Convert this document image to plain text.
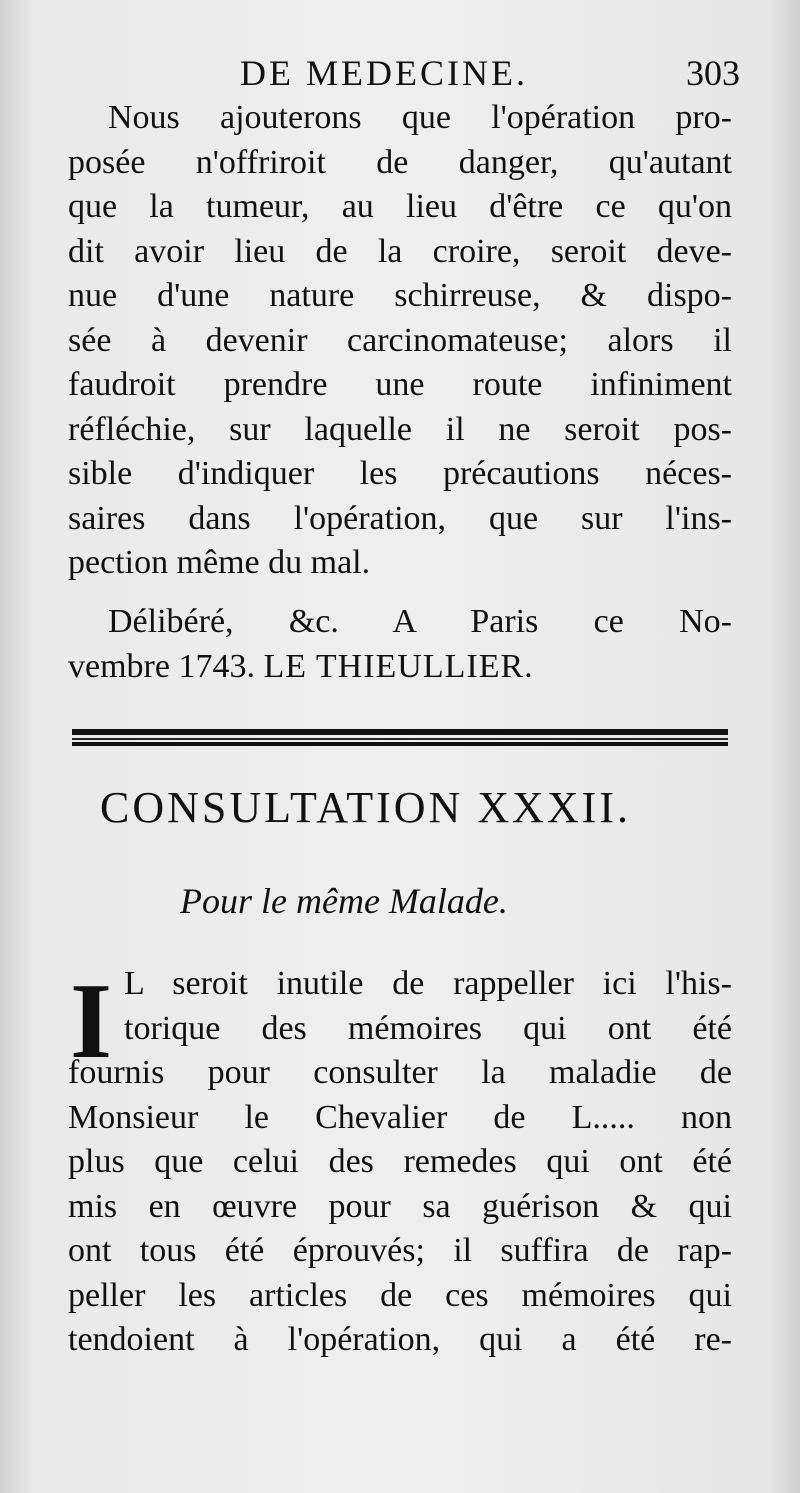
DE MEDECINE.	303
Nous ajouterons que l'opération pro-
posée n'offriroit de danger, qu'autant
que la tumeur, au lieu d'être ce qu'on
dit avoir lieu de la croire, seroit deve-
nue d'une nature schirreuse, & dispo-
sée à devenir carcinomateuse; alors il
faudroit prendre une route infiniment
réfléchie, sur laquelle il ne seroit pos-
sible d'indiquer les précautions néces-
saires dans l'opération, que sur l'ins-
pection même du mal.
Délibéré, &c. A Paris ce No-
vembre 1743. LE THIEULLIER.
CONSULTATION XXXII.
Pour le même Malade.
I L seroit inutile de rappeller ici l'his-
torique des mémoires qui ont été
fournis pour consulter la maladie de
Monsieur le Chevalier de L..... non
plus que celui des remedes qui ont été
mis en œuvre pour sa guérison & qui
ont tous été éprouvés; il suffira de rap-
peller les articles de ces mémoires qui
tendoient à l'opération, qui a été re-
